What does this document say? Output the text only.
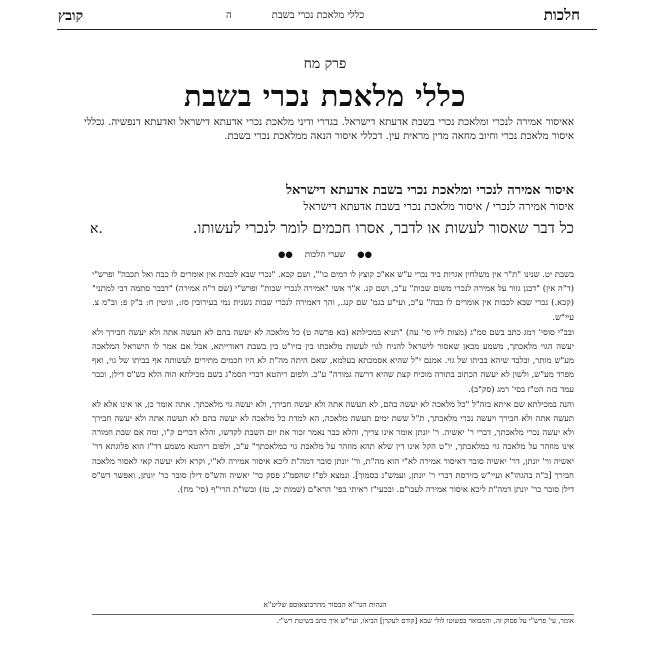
קובץ	כללי מלאכת נכרי בשבת
ה	חלכות
פרק מח
כללי מלאכת נכרי בשבת
אאיסור אמירה לנכרי ומלאכת נכרי בשבת אדעתא דישראל. בגדרי ודיני מלאכת נכרי אדעתא דישראל ואדעתא דנפשיה. גכללי איסור מלאכת נכרי וחיוב מחאה מדין מראית עין. דכללי איסור הנאה ממלאכת נכרי בשבת.
איסור אמירה לנכרי ומלאכת נכרי בשבת אדעתא דישראל
איסור אמירה לנכרי / איסור מלאכת נכרי בשבת אדעתא דישראל
א.	כל דבר שאסור לעשות או לדבר, אסרו חכמים לומר לנכרי לעשותו.
●●שערי הלכות●●

בשבת יט. שנינו "ת"ר אין משלחין אגרות ביד נכרי ע"ש אא"כ קוצץ לו דמים כו'", ושם קכא. "נכרי שבא לכבות אין אומרים לו כבה ואל תכבה" ופרש"י (ד"ה אין) "דבגן גזור על אמירה לנכרי משום שבות" ע"כ, ושם קנ. א"ר אשי "אמירה לנכרי שבות" ופרש"י (שם ד"ה אמירה) "דבבר סתמה דבי למתני" (קכא.) נכרי שבא לכבות אין אומרים לו כבה" ע"כ, ועי"ע בגמ' שם קנג., והך דאמירה לנכרי שבות נשנית נמי בעירובין סז:, וגיטין ח: ב"ק פ: וב"מ צ. עיי"ש.

ובב"י סוסי' רמג כתב בשם סמ"ג (מצות לייו סי' עה) "תניא במכילתא (בא פרשה ט) כל מלאכה לא יעשה בהם לא תעשה אתה ולא יעשה חבירך ולא יעשה הגוי מלאכתך, משמע מכאן שאסור לישראל להניח לגוי לעשות מלאכתו בין בזיו"ט בין בשבת דאורייתא, אבל אם אמר לו הישראל המלאכה מע"ש מותר, ובלבד שיהא בביתו של גוי. אמנם י"ל שהיא אסמכתא בעלמא, שאם היתה מה"ת לא היו חכמים מתירים לעשותה אף בביתו של גוי, ואף מפרד מע"ש, ולשון לא יעשה הכתוב בתורה מוכיח קצת שהיא דרשה גמורה" ע"כ. ולפום ריהטא דברי הסמ"ג בשם מכילתא הוה הלא כש"ס דילן, וכבר עמד בזה הט"ז בסי' רמג (סק"ב).

והנה במכילתא שם איתא בזה"ל "כל מלאכה לא יעשה בהם, לא תעשה אתה ולא יעשה חבירך, ולא יעשה גוי מלאכתך. אתה אומר כן, או אינו אלא לא תעשה אתה ולא חבירך ויעשה נכרי מלאכתך, ת"ל ששת ימים תעשה מלאכה, הא למדת כל מלאכה לא יעשה בהם לא תעשה אתה ולא יעשה חבירך ולא יעשה נכרי מלאכתך, דברי ר' יאשיה. ר' יונתן אומר אינו צריך, והלא כבר נאמר זכור את יום השבת לקדשו, והלא דברים ק"ו, ומה אם שבת חמורה אינו מוזהר על מלאכה גוי כמלאכתך, יו"ט הקל אינו דין שלא תהא מוזהר על מלאכת גוי כמלאכתך" ע"כ, ולפום ריהטא משמע דד"ז הוא פלוגתא דר' יאשיה ור' יונתן, דר' יאשיה סובר דאיסור אמירה לא"י הוא מה"ת, ור' יונתן סובר דמה"ת ליכא איסור אמירה לא"י, וקרא ולא יעשה קאי לאסור מלאכה חבירך [כ"ה בהגהו"א ועיי"ש בזירסת דברי ר' יונתן, ועמש"נ בסמוך]. ונמצא לפ"ז שהסמ"ג פסק כר' יאשיה והש"ס דילן סובר כר' יונתן, ואפשר דש"ס דילן סובר כר' יונתן דמה"ת ליכא איסור אמירה לעכו"ם. ובכעי"ז ראיתי בפי' הרא"ם (שמות יב, טז) ובשו"ת הרי"ף (סי' מח).

הגהות הגר"א הבסור מהרבוצאוספ שליט"א
אומר, עי' פרש"י על פסוק זה, והמבואר בפשוטו לולי שבא [קודם לעקרן] הביאו, ועיי"ש איך כתב בשיטת רש"י.
